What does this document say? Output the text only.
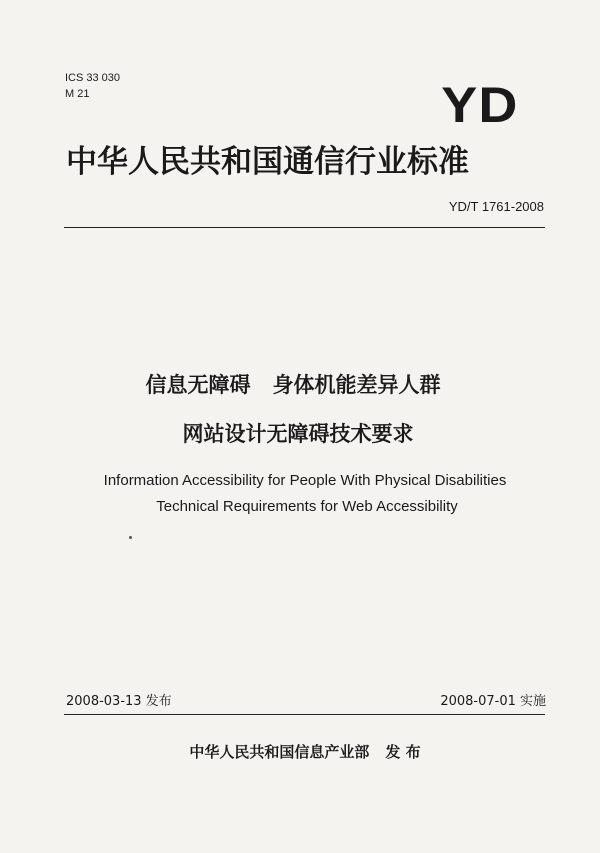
ICS 33 030
M 21	YD
中华人民共和国通信行业标准
YD/T 1761-2008
信息无障碍   身体机能差异人群
网站设计无障碍技术要求
Information Accessibility for People With Physical Disabilities
Technical Requirements for Web Accessibility
2008-03-13 发布	2008-07-01 实施
中华人民共和国信息产业部 发 布
